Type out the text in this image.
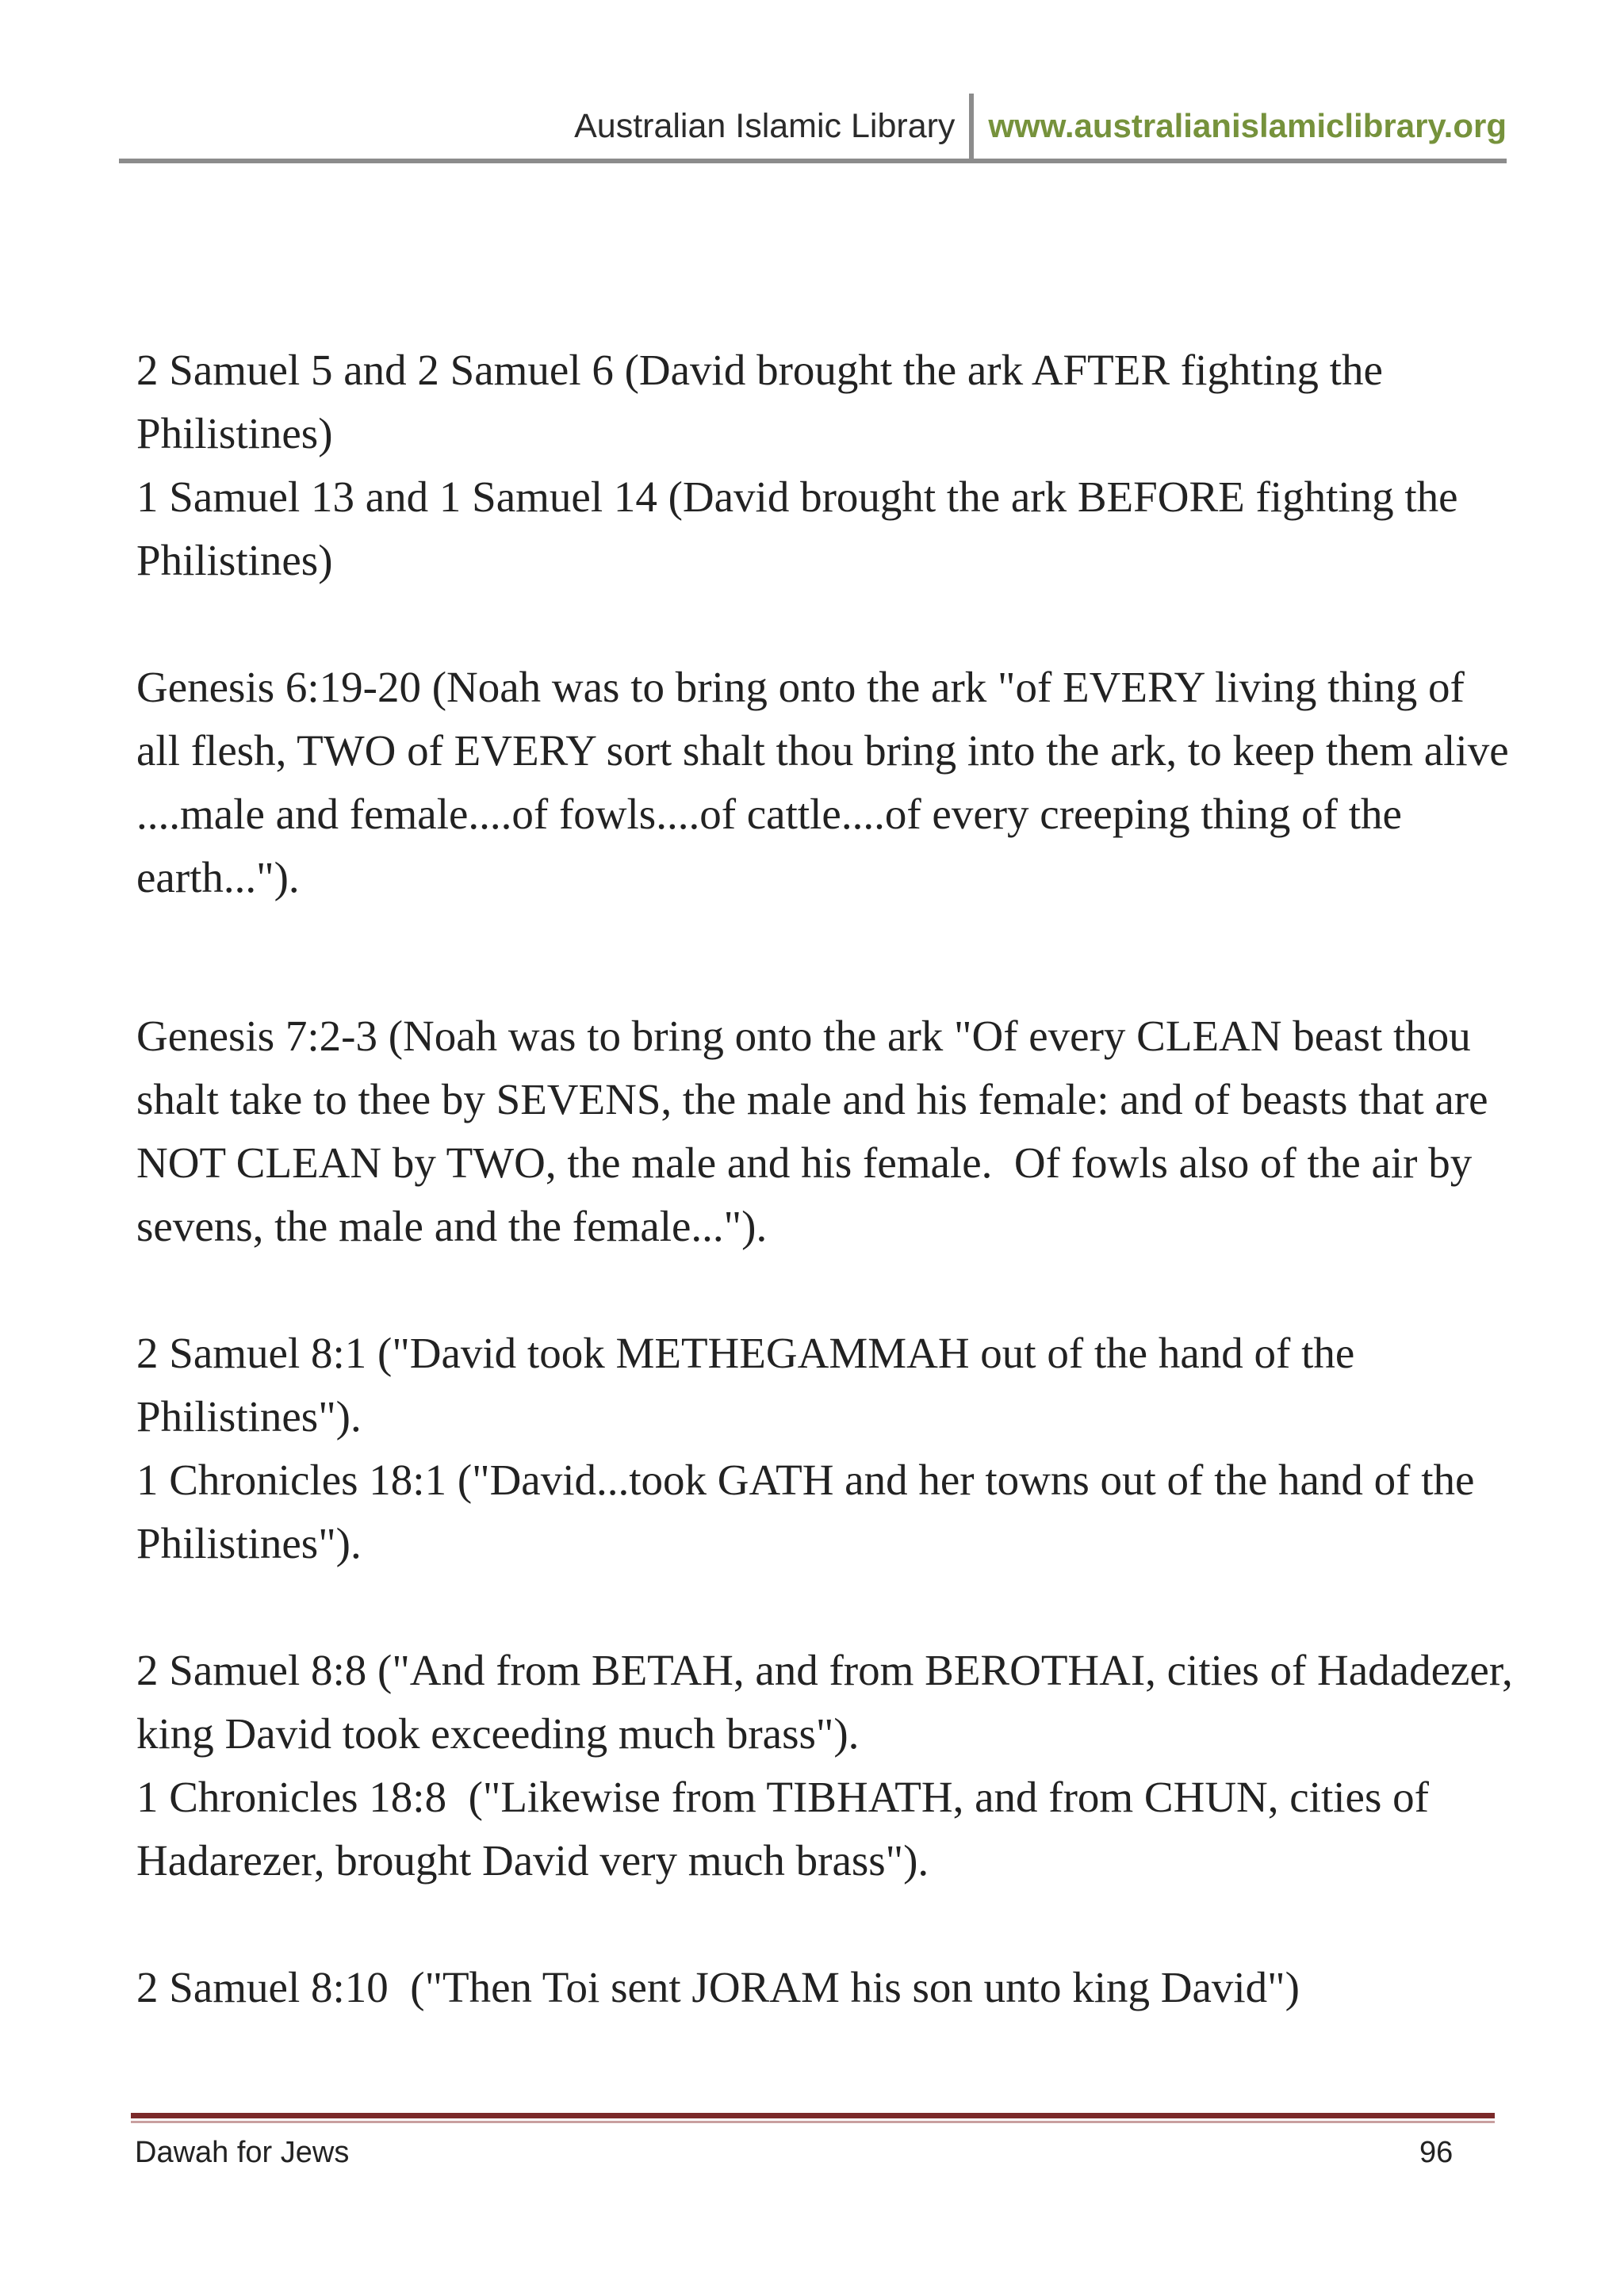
Australian Islamic Library	www.australianislamiclibrary.org

2 Samuel 5 and 2 Samuel 6 (David brought the ark AFTER fighting the Philistines)

1 Samuel 13 and 1 Samuel 14 (David brought the ark BEFORE fighting the Philistines)

Genesis 6:19-20 (Noah was to bring onto the ark "of EVERY living thing of all flesh, TWO of EVERY sort shalt thou bring into the ark, to keep them alive ....male and female....of fowls....of cattle....of every creeping thing of the earth...").

Genesis 7:2-3 (Noah was to bring onto the ark "Of every CLEAN beast thou shalt take to thee by SEVENS, the male and his female: and of beasts that are NOT CLEAN by TWO, the male and his female.  Of fowls also of the air by sevens, the male and the female...").

2 Samuel 8:1 ("David took METHEGAMMAH out of the hand of the Philistines").

1 Chronicles 18:1 ("David...took GATH and her towns out of the hand of the Philistines").

2 Samuel 8:8 ("And from BETAH, and from BEROTHAI, cities of Hadadezer, king David took exceeding much brass").

1 Chronicles 18:8  ("Likewise from TIBHATH, and from CHUN, cities of Hadarezer, brought David very much brass").

2 Samuel 8:10  ("Then Toi sent JORAM his son unto king David")

Dawah for Jews	96
